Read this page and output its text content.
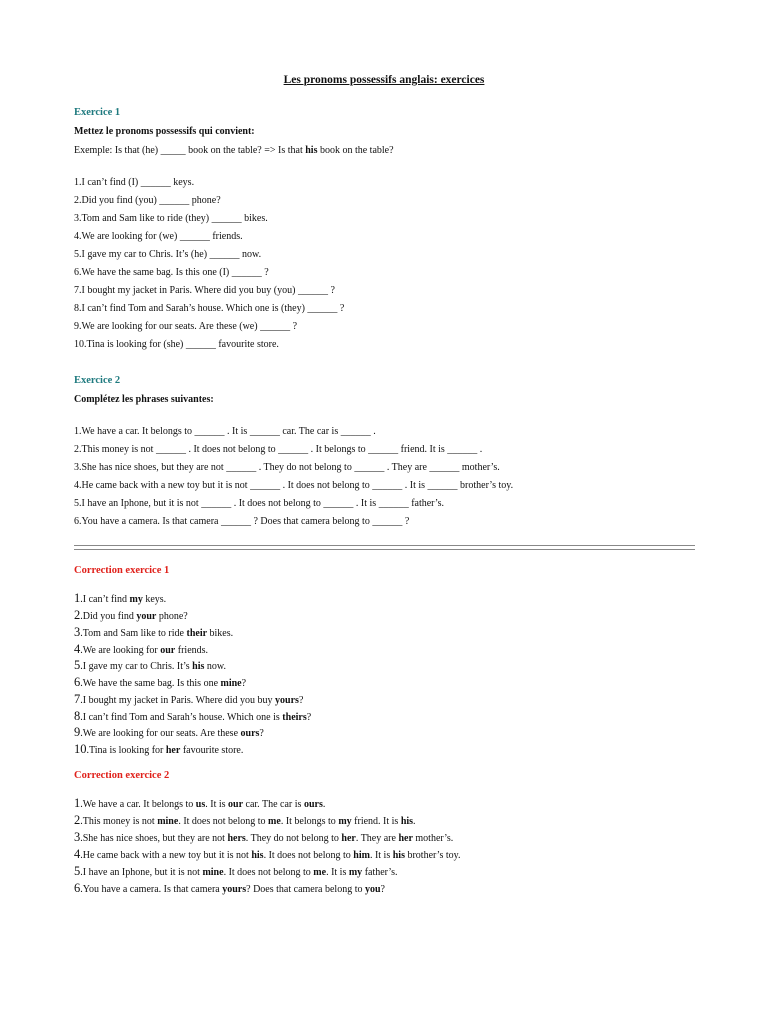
Les pronoms possessifs anglais: exercices
Exercice 1
Mettez le pronoms possessifs qui convient:
Exemple: Is that (he) _____ book on the table? => Is that his book on the table?
1.I can’t find (I) ______ keys.
2.Did you find (you) ______ phone?
3.Tom and Sam like to ride (they) ______ bikes.
4.We are looking for (we) ______ friends.
5.I gave my car to Chris. It’s (he) ______ now.
6.We have the same bag. Is this one (I) ______ ?
7.I bought my jacket in Paris. Where did you buy (you) ______ ?
8.I can’t find Tom and Sarah’s house. Which one is (they) ______ ?
9.We are looking for our seats. Are these (we) ______ ?
10.Tina is looking for (she) ______ favourite store.
Exercice 2
Complétez les phrases suivantes:
1.We have a car. It belongs to ______ . It is ______ car. The car is ______ .
2.This money is not ______ . It does not belong to ______ . It belongs to ______ friend. It is ______ .
3.She has nice shoes, but they are not ______ . They do not belong to ______ . They are ______ mother’s.
4.He came back with a new toy but it is not ______ . It does not belong to ______ . It is ______ brother’s toy.
5.I have an Iphone, but it is not ______ . It does not belong to ______ . It is ______ father’s.
6.You have a camera. Is that camera ______ ? Does that camera belong to ______ ?
Correction exercice 1
1.I can’t find my keys.
2.Did you find your phone?
3.Tom and Sam like to ride their bikes.
4.We are looking for our friends.
5.I gave my car to Chris. It’s his now.
6.We have the same bag. Is this one mine?
7.I bought my jacket in Paris. Where did you buy yours?
8.I can’t find Tom and Sarah’s house. Which one is theirs?
9.We are looking for our seats. Are these ours?
10.Tina is looking for her favourite store.
Correction exercice 2
1.We have a car. It belongs to us. It is our car. The car is ours.
2.This money is not mine. It does not belong to me. It belongs to my friend. It is his.
3.She has nice shoes, but they are not hers. They do not belong to her. They are her mother’s.
4.He came back with a new toy but it is not his. It does not belong to him. It is his brother’s toy.
5.I have an Iphone, but it is not mine. It does not belong to me. It is my father’s.
6.You have a camera. Is that camera yours? Does that camera belong to you?
